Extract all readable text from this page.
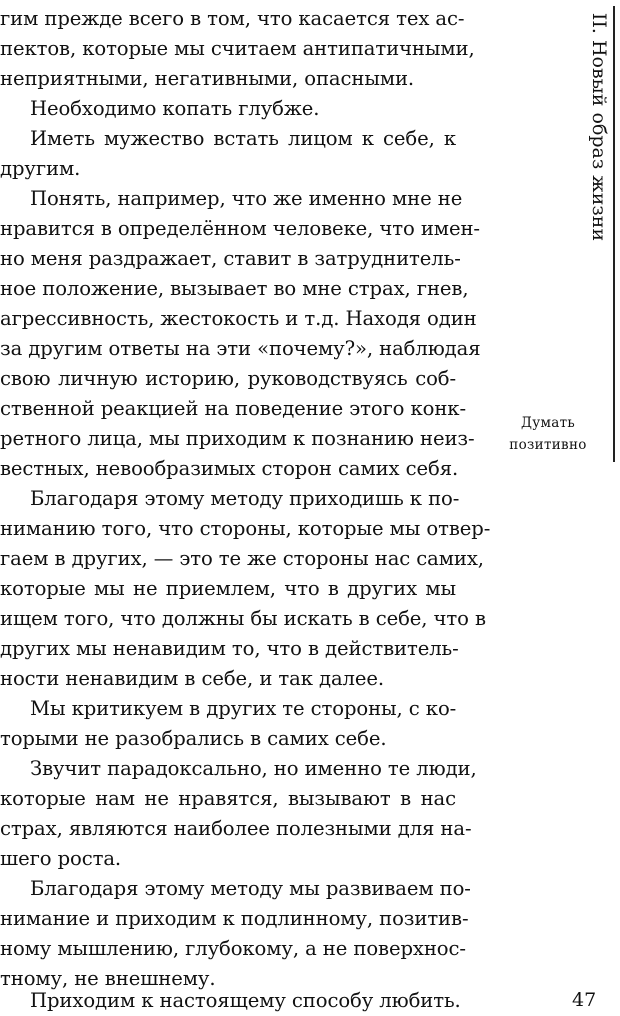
гим прежде всего в том, что касается тех ас-
пектов, которые мы считаем антипатичными,
неприятными, негативными, опасными.
Необходимо копать глубже.
Иметь мужество встать лицом к себе, к
другим.
Понять, например, что же именно мне не
нравится в определённом человеке, что имен-
но меня раздражает, ставит в затруднитель-
ное положение, вызывает во мне страх, гнев,
агрессивность, жестокость и т.д. Находя один
за другим ответы на эти «почему?», наблюдая
свою личную историю, руководствуясь соб-
ственной реакцией на поведение этого конк-
ретного лица, мы приходим к познанию неиз-
вестных, невообразимых сторон самих себя.
Благодаря этому методу приходишь к по-
ниманию того, что стороны, которые мы отвер-
гаем в других, — это те же стороны нас самих,
которые мы не приемлем, что в других мы
ищем того, что должны бы искать в себе, что в
других мы ненавидим то, что в действитель-
ности ненавидим в себе, и так далее.
Мы критикуем в других те стороны, с ко-
торыми не разобрались в самих себе.
Звучит парадоксально, но именно те люди,
которые нам не нравятся, вызывают в нас
страх, являются наиболее полезными для на-
шего роста.
Благодаря этому методу мы развиваем по-
нимание и приходим к подлинному, позитив-
ному мышлению, глубокому, а не поверхнос-
тному, не внешнему.
Приходим к настоящему способу любить.
II. Новый образ жизни
Думать
позитивно
47
